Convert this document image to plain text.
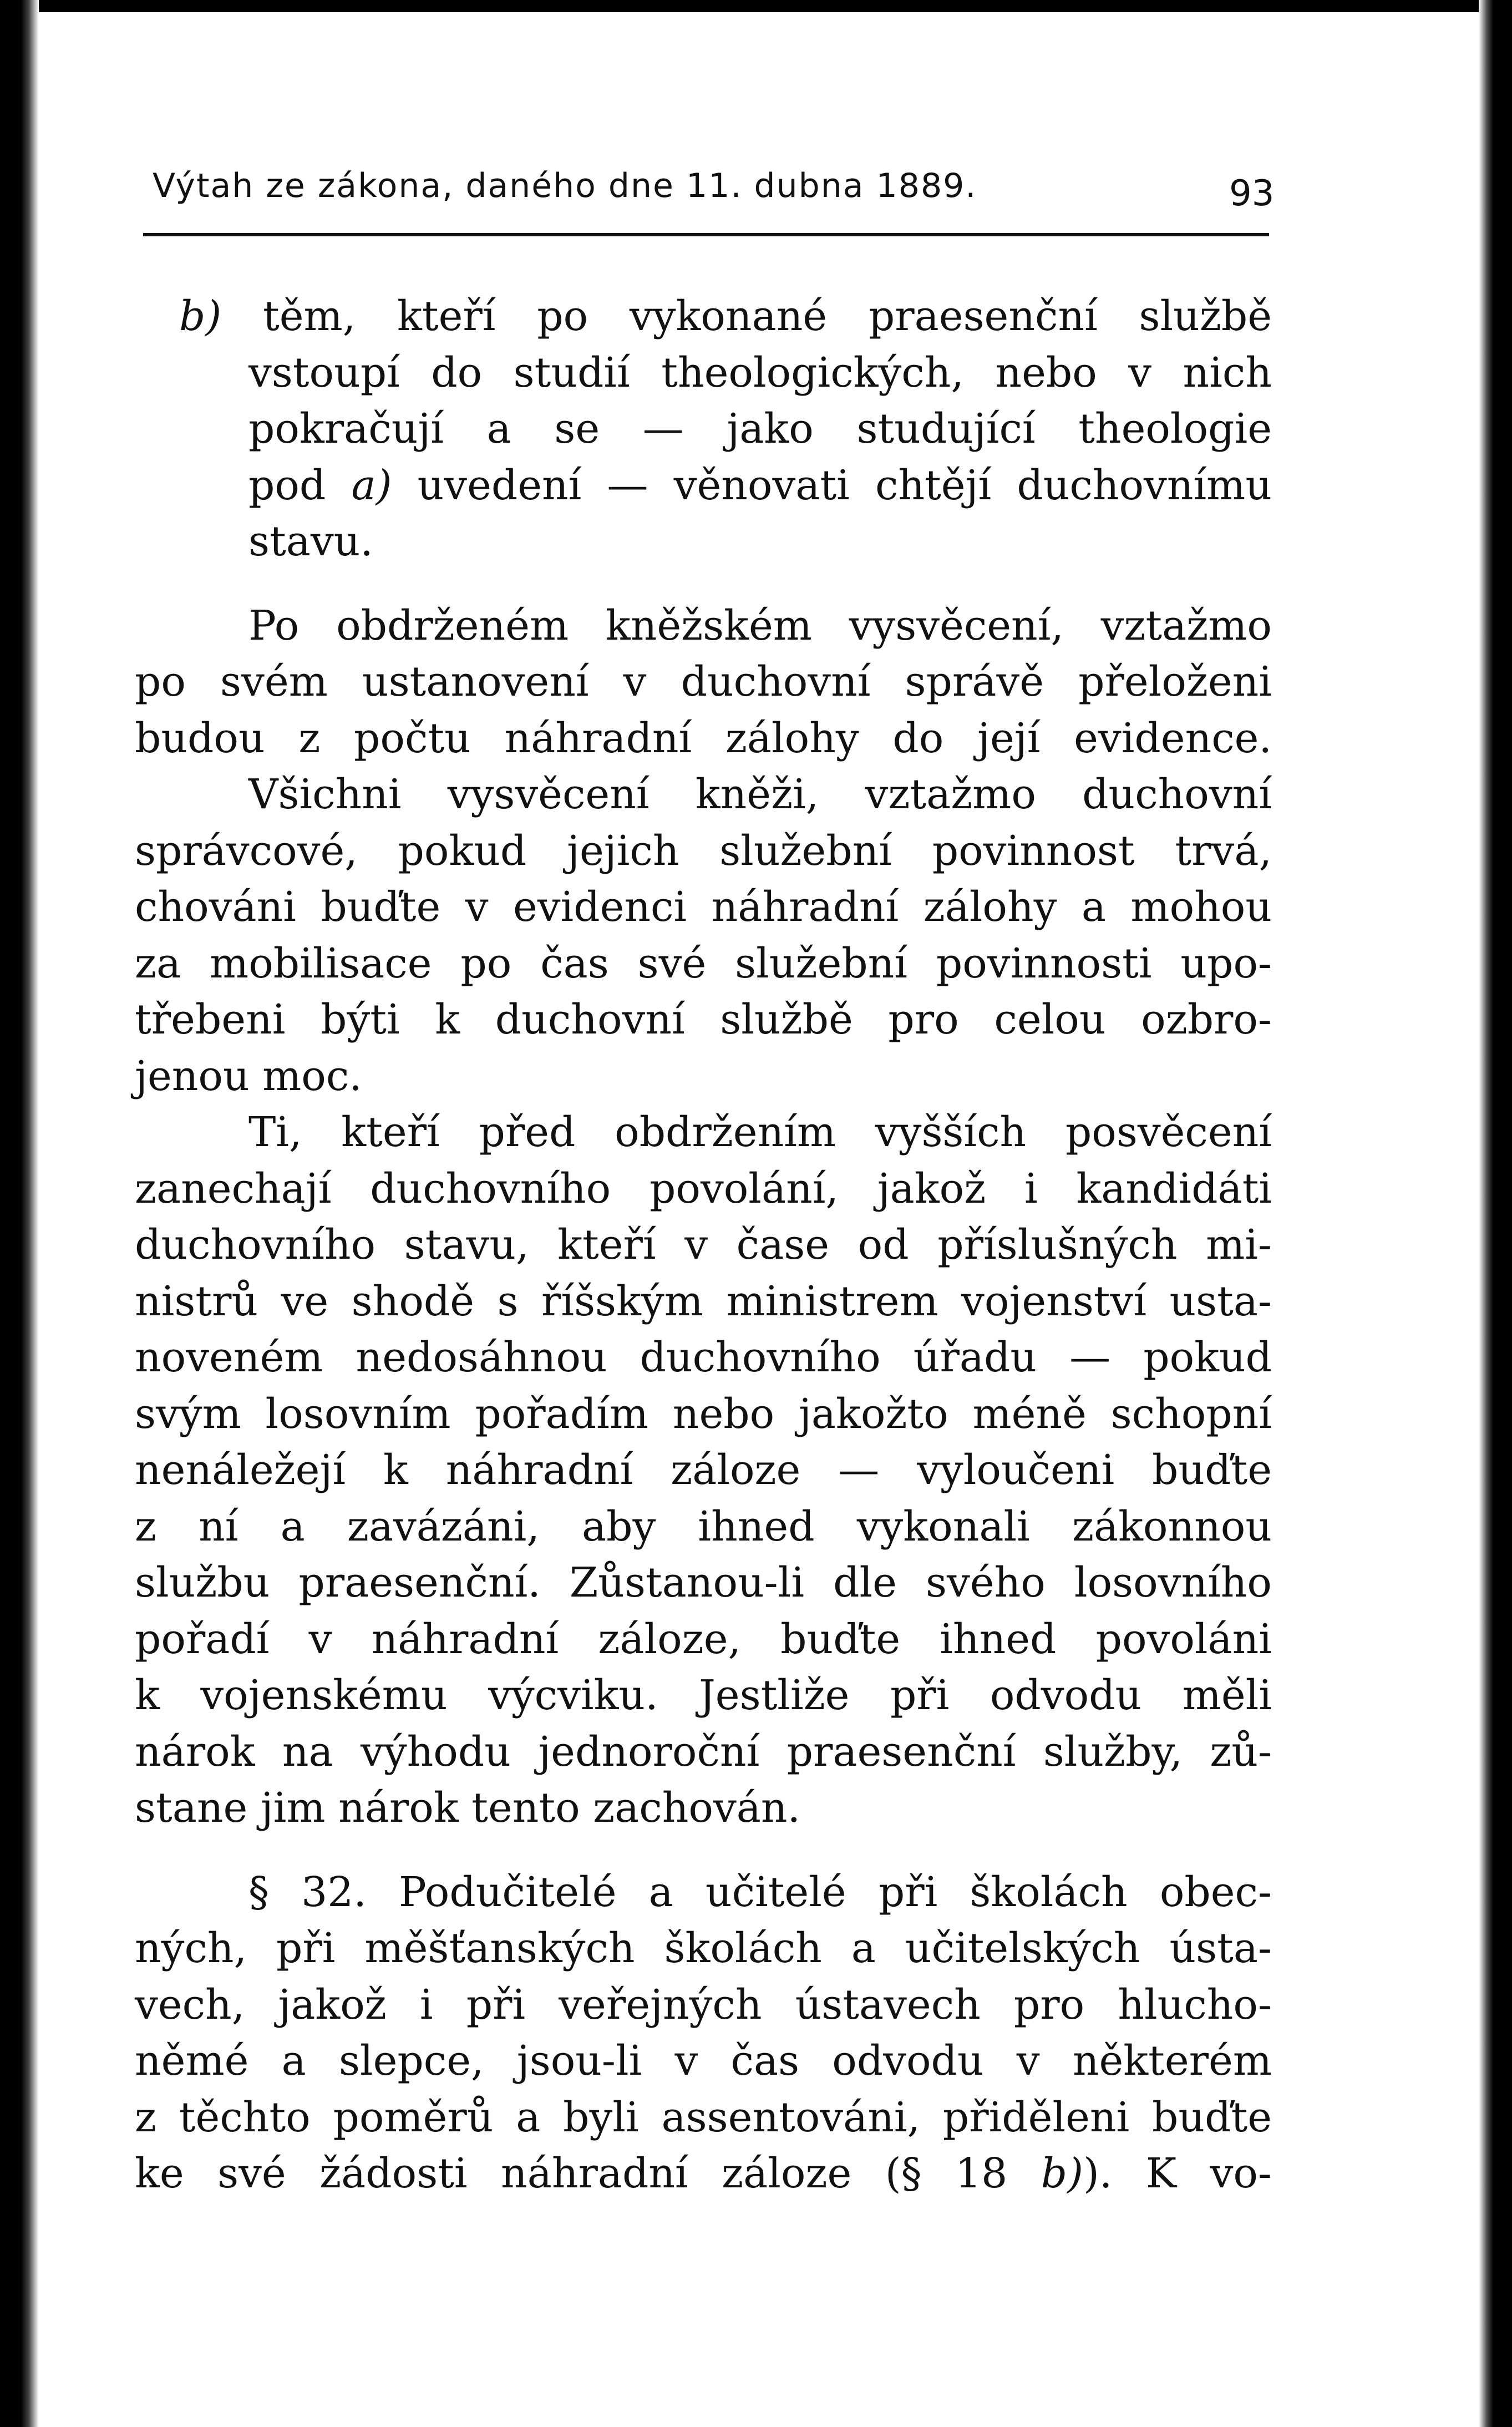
Výtah ze zákona, daného dne 11. dubna 1889.	93
b) těm, kteří po vykonané praesenční službě
vstoupí do studií theologických, nebo v nich
pokračují a se — jako studující theologie
pod a) uvedení — věnovati chtějí duchovnímu
stavu.
Po obdrženém kněžském vysvěcení, vztažmo
po svém ustanovení v duchovní správě přeloženi
budou z počtu náhradní zálohy do její evidence.
Všichni vysvěcení kněži, vztažmo duchovní
správcové, pokud jejich služební povinnost trvá,
chováni buďte v evidenci náhradní zálohy a mohou
za mobilisace po čas své služební povinnosti upo-
třebeni býti k duchovní službě pro celou ozbro-
jenou moc.
Ti, kteří před obdržením vyšších posvěcení
zanechají duchovního povolání, jakož i kandidáti
duchovního stavu, kteří v čase od příslušných mi-
nistrů ve shodě s říšským ministrem vojenství usta-
noveném nedosáhnou duchovního úřadu — pokud
svým losovním pořadím nebo jakožto méně schopní
nenáležejí k náhradní záloze — vyloučeni buďte
z ní a zavázáni, aby ihned vykonali zákonnou
službu praesenční. Zůstanou-li dle svého losovního
pořadí v náhradní záloze, buďte ihned povoláni
k vojenskému výcviku. Jestliže při odvodu měli
nárok na výhodu jednoroční praesenční služby, zů-
stane jim nárok tento zachován.
§ 32. Podučitelé a učitelé při školách obec-
ných, při měšťanských školách a učitelských ústa-
vech, jakož i při veřejných ústavech pro hlucho-
němé a slepce, jsou-li v čas odvodu v některém
z těchto poměrů a byli assentováni, přiděleni buďte
ke své žádosti náhradní záloze (§ 18 b)). K vo-
